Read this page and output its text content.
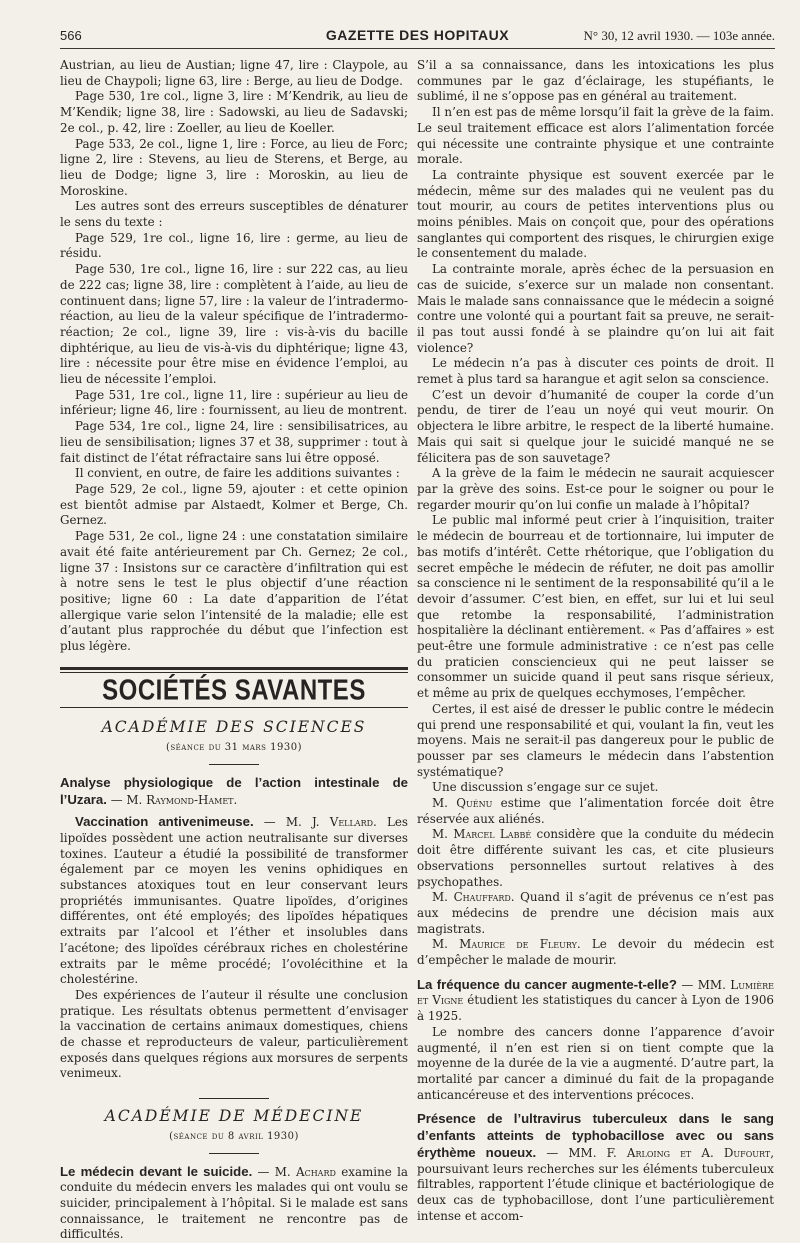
566	GAZETTE DES HOPITAUX	N° 30, 12 avril 1930. — 103e année.

Austrian, au lieu de Austian; ligne 47, lire : Claypole, au lieu de Chaypoli; ligne 63, lire : Berge, au lieu de Dodge.

Page 530, 1re col., ligne 3, lire : M’Kendrik, au lieu de M’Kendik; ligne 38, lire : Sadowski, au lieu de Sadavski; 2e col., p. 42, lire : Zoeller, au lieu de Koeller.

Page 533, 2e col., ligne 1, lire : Force, au lieu de Forc; ligne 2, lire : Stevens, au lieu de Sterens, et Berge, au lieu de Dodge; ligne 3, lire : Moroskin, au lieu de Moroskine.

Les autres sont des erreurs susceptibles de dénaturer le sens du texte :

Page 529, 1re col., ligne 16, lire : germe, au lieu de résidu.

Page 530, 1re col., ligne 16, lire : sur 222 cas, au lieu de 222 cas; ligne 38, lire : complètent à l’aide, au lieu de continuent dans; ligne 57, lire : la valeur de l’intradermo-réaction, au lieu de la valeur spécifique de l’intradermo-réaction; 2e col., ligne 39, lire : vis-à-vis du bacille diphtérique, au lieu de vis-à-vis du diphtérique; ligne 43, lire : nécessite pour être mise en évidence l’emploi, au lieu de nécessite l’emploi.

Page 531, 1re col., ligne 11, lire : supérieur au lieu de inférieur; ligne 46, lire : fournissent, au lieu de montrent.

Page 534, 1re col., ligne 24, lire : sensibilisatrices, au lieu de sensibilisation; lignes 37 et 38, supprimer : tout à fait distinct de l’état réfractaire sans lui être opposé.

Il convient, en outre, de faire les additions suivantes :

Page 529, 2e col., ligne 59, ajouter : et cette opinion est bientôt admise par Alstaedt, Kolmer et Berge, Ch. Gernez.

Page 531, 2e col., ligne 24 : une constatation similaire avait été faite antérieurement par Ch. Gernez; 2e col., ligne 37 : Insistons sur ce caractère d’infiltration qui est à notre sens le test le plus objectif d’une réaction positive; ligne 60 : La date d’apparition de l’état allergique varie selon l’intensité de la maladie; elle est d’autant plus rapprochée du début que l’infection est plus légère.

SOCIÉTÉS SAVANTES
ACADÉMIE DES SCIENCES
(séance du 31 mars 1930)

Analyse physiologique de l’action intestinale de l’Uzara. — M. Raymond-Hamet.

Vaccination antivenimeuse. — M. J. Vellard. Les lipoïdes possèdent une action neutralisante sur diverses toxines. L’auteur a étudié la possibilité de transformer également par ce moyen les venins ophidiques en substances atoxiques tout en leur conservant leurs propriétés immunisantes. Quatre lipoïdes, d’origines différentes, ont été employés; des lipoïdes hépatiques extraits par l’alcool et l’éther et insolubles dans l’acétone; des lipoïdes cérébraux riches en cholestérine extraits par le même procédé; l’ovolécithine et la cholestérine.

Des expériences de l’auteur il résulte une conclusion pratique. Les résultats obtenus permettent d’envisager la vaccination de certains animaux domestiques, chiens de chasse et reproducteurs de valeur, particulièrement exposés dans quelques régions aux morsures de serpents venimeux.

ACADÉMIE DE MÉDECINE
(séance du 8 avril 1930)

Le médecin devant le suicide. — M. Achard examine la conduite du médecin envers les malades qui ont voulu se suicider, principalement à l’hôpital. Si le malade est sans connaissance, le traitement ne rencontre pas de difficultés.

S’il a sa connaissance, dans les intoxications les plus communes par le gaz d’éclairage, les stupéfiants, le sublimé, il ne s’oppose pas en général au traitement.

Il n’en est pas de même lorsqu’il fait la grève de la faim. Le seul traitement efficace est alors l’alimentation forcée qui nécessite une contrainte physique et une contrainte morale.

La contrainte physique est souvent exercée par le médecin, même sur des malades qui ne veulent pas du tout mourir, au cours de petites interventions plus ou moins pénibles. Mais on conçoit que, pour des opérations sanglantes qui comportent des risques, le chirurgien exige le consentement du malade.

La contrainte morale, après échec de la persuasion en cas de suicide, s’exerce sur un malade non consentant. Mais le malade sans connaissance que le médecin a soigné contre une volonté qui a pourtant fait sa preuve, ne serait-il pas tout aussi fondé à se plaindre qu’on lui ait fait violence?

Le médecin n’a pas à discuter ces points de droit. Il remet à plus tard sa harangue et agit selon sa conscience.

C’est un devoir d’humanité de couper la corde d’un pendu, de tirer de l’eau un noyé qui veut mourir. On objectera le libre arbitre, le respect de la liberté humaine. Mais qui sait si quelque jour le suicidé manqué ne se félicitera pas de son sauvetage?

A la grève de la faim le médecin ne saurait acquiescer par la grève des soins. Est-ce pour le soigner ou pour le regarder mourir qu’on lui confie un malade à l’hôpital?

Le public mal informé peut crier à l’inquisition, traiter le médecin de bourreau et de tortionnaire, lui imputer de bas motifs d’intérêt. Cette rhétorique, que l’obligation du secret empêche le médecin de réfuter, ne doit pas amollir sa conscience ni le sentiment de la responsabilité qu’il a le devoir d’assumer. C’est bien, en effet, sur lui et lui seul que retombe la responsabilité, l’administration hospitalière la déclinant entièrement. « Pas d’affaires » est peut-être une formule administrative : ce n’est pas celle du praticien consciencieux qui ne peut laisser se consommer un suicide quand il peut sans risque sérieux, et même au prix de quelques ecchymoses, l’empêcher.

Certes, il est aisé de dresser le public contre le médecin qui prend une responsabilité et qui, voulant la fin, veut les moyens. Mais ne serait-il pas dangereux pour le public de pousser par ses clameurs le médecin dans l’abstention systématique?

Une discussion s’engage sur ce sujet.

M. Quénu estime que l’alimentation forcée doit être réservée aux aliénés.

M. Marcel Labbé considère que la conduite du médecin doit être différente suivant les cas, et cite plusieurs observations personnelles surtout relatives à des psychopathes.

M. Chauffard. Quand il s’agit de prévenus ce n’est pas aux médecins de prendre une décision mais aux magistrats.

M. Maurice de Fleury. Le devoir du médecin est d’empêcher le malade de mourir.

La fréquence du cancer augmente-t-elle? — MM. Lumière et Vigne étudient les statistiques du cancer à Lyon de 1906 à 1925.

Le nombre des cancers donne l’apparence d’avoir augmenté, il n’en est rien si on tient compte que la moyenne de la durée de la vie a augmenté. D’autre part, la mortalité par cancer a diminué du fait de la propagande anticancéreuse et des interventions précoces.

Présence de l’ultravirus tuberculeux dans le sang d’enfants atteints de typhobacillose avec ou sans érythème noueux. — MM. F. Arloing et A. Dufourt, poursuivant leurs recherches sur les éléments tuberculeux filtrables, rapportent l’étude clinique et bactériologique de deux cas de typhobacillose, dont l’une particulièrement intense et accom-
